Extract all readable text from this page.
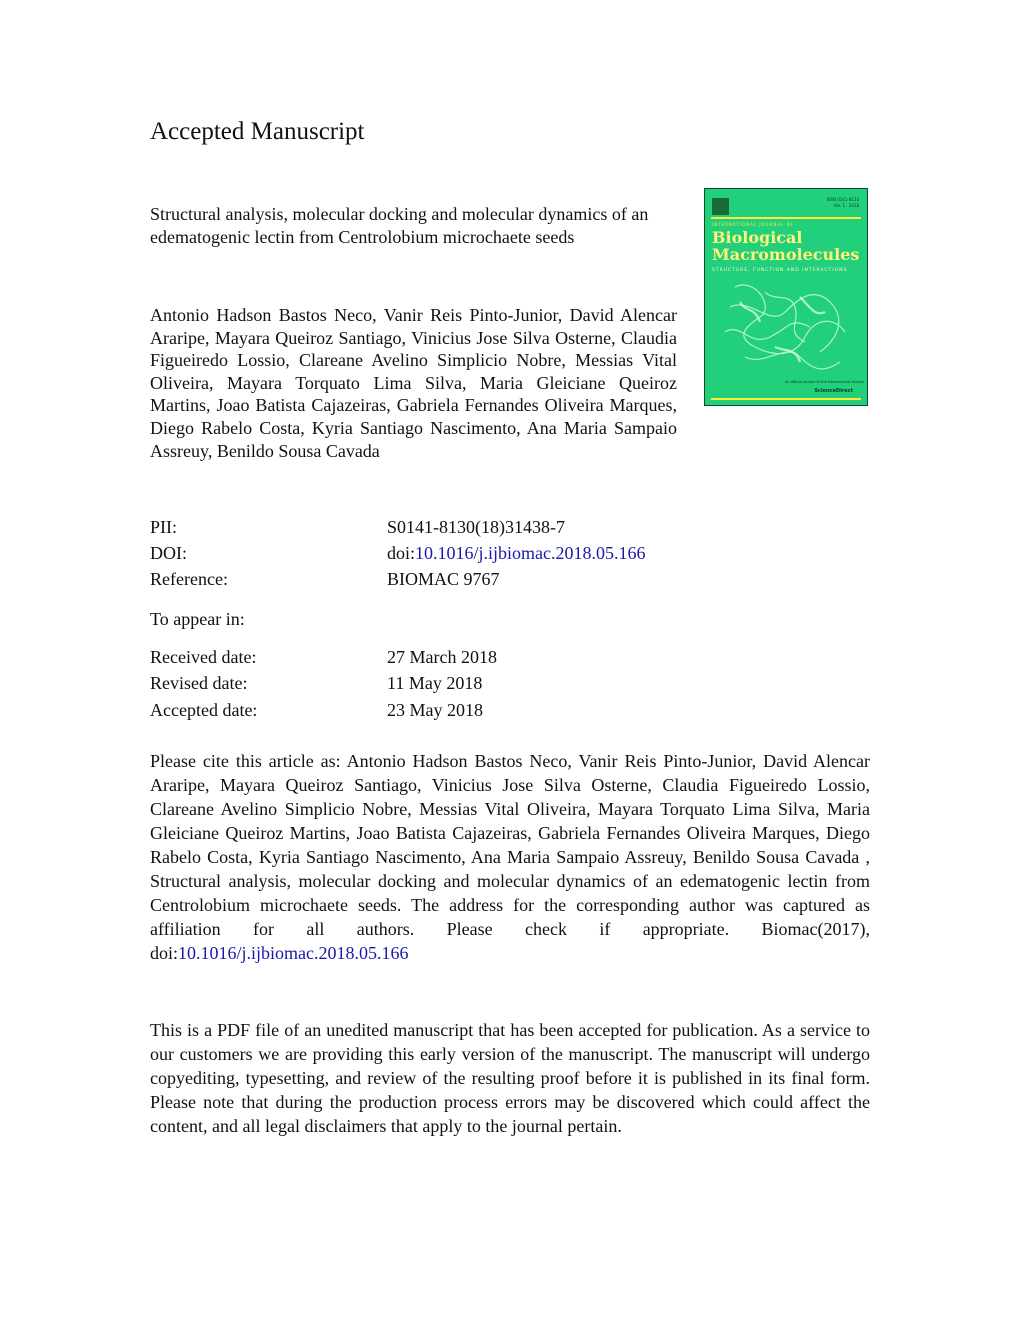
Accepted Manuscript

Structural analysis, molecular docking and molecular dynamics of an edematogenic lectin from Centrolobium microchaete seeds

Antonio Hadson Bastos Neco, Vanir Reis Pinto-Junior, David Alencar Araripe, Mayara Queiroz Santiago, Vinicius Jose Silva Osterne, Claudia Figueiredo Lossio, Clareane Avelino Simplicio Nobre, Messias Vital Oliveira, Mayara Torquato Lima Silva, Maria Gleiciane Queiroz Martins, Joao Batista Cajazeiras, Gabriela Fernandes Oliveira Marques, Diego Rabelo Costa, Kyria Santiago Nascimento, Ana Maria Sampaio Assreuy, Benildo Sousa Cavada

ISSN 0141-8130
Vol. 1 · 2018
INTERNATIONAL JOURNAL OF

Biological Macromolecules

STRUCTURE, FUNCTION AND INTERACTIONS
An official journal of the International Society
ScienceDirect
PII:	S0141-8130(18)31438-7
DOI:	doi:10.1016/j.ijbiomac.2018.05.166
Reference:	BIOMAC 9767

To appear in:

Received date:	27 March 2018
Revised date:	11 May 2018
Accepted date:	23 May 2018

Please cite this article as: Antonio Hadson Bastos Neco, Vanir Reis Pinto-Junior, David Alencar Araripe, Mayara Queiroz Santiago, Vinicius Jose Silva Osterne, Claudia Figueiredo Lossio, Clareane Avelino Simplicio Nobre, Messias Vital Oliveira, Mayara Torquato Lima Silva, Maria Gleiciane Queiroz Martins, Joao Batista Cajazeiras, Gabriela Fernandes Oliveira Marques, Diego Rabelo Costa, Kyria Santiago Nascimento, Ana Maria Sampaio Assreuy, Benildo Sousa Cavada , Structural analysis, molecular docking and molecular dynamics of an edematogenic lectin from Centrolobium microchaete seeds. The address for the corresponding author was captured as affiliation for all authors. Please check if appropriate. Biomac(2017), doi:10.1016/j.ijbiomac.2018.05.166

This is a PDF file of an unedited manuscript that has been accepted for publication. As a service to our customers we are providing this early version of the manuscript. The manuscript will undergo copyediting, typesetting, and review of the resulting proof before it is published in its final form. Please note that during the production process errors may be discovered which could affect the content, and all legal disclaimers that apply to the journal pertain.
